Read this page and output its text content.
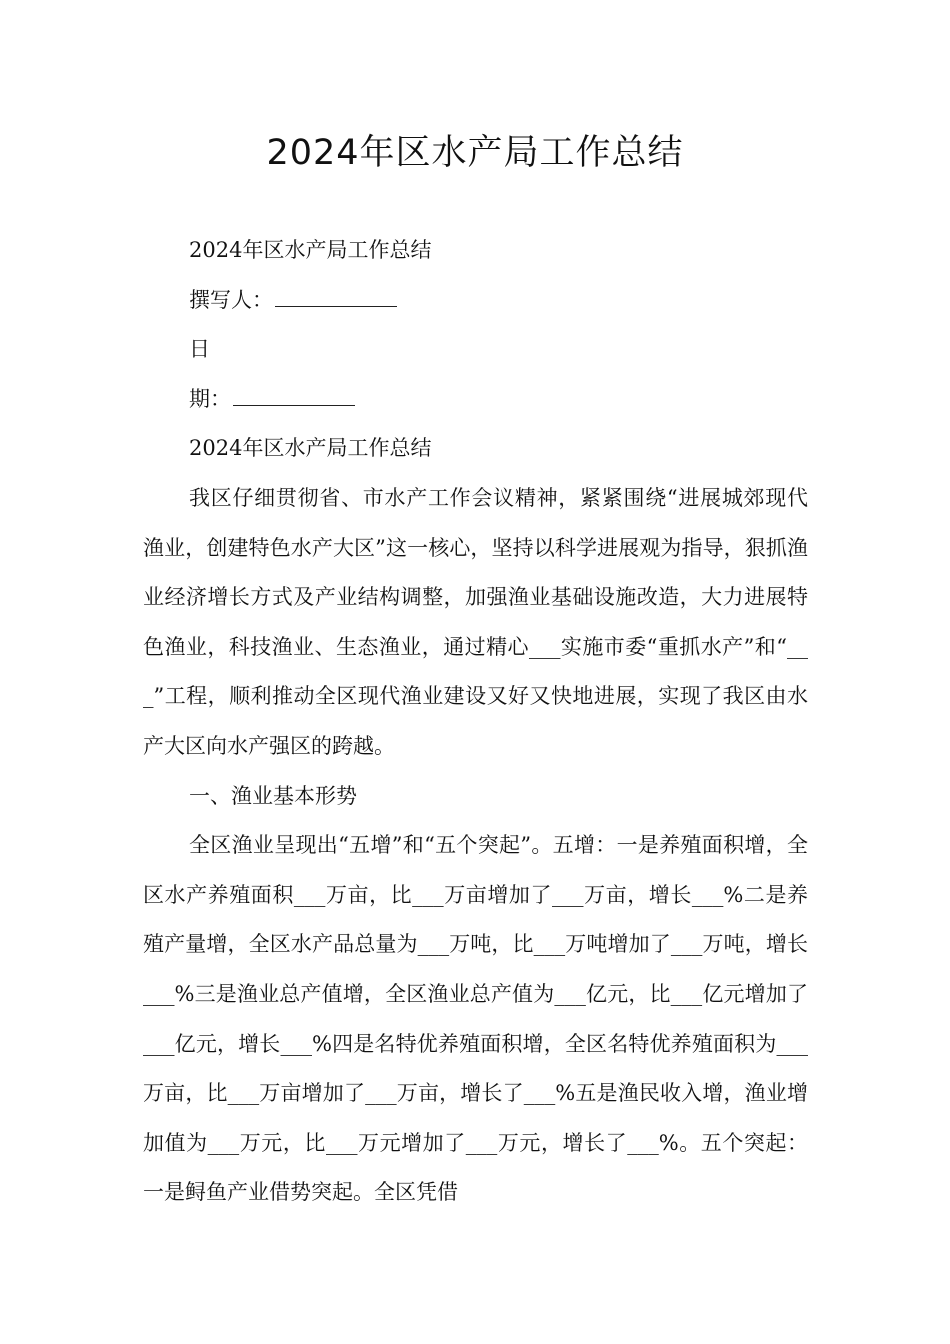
2024年区水产局工作总结
2024年区水产局工作总结
撰写人：
日
期：
2024年区水产局工作总结

我区仔细贯彻省、市水产工作会议精神，紧紧围绕“进展城郊现代渔业，创建特色水产大区”这一核心，坚持以科学进展观为指导，狠抓渔业经济增长方式及产业结构调整，加强渔业基础设施改造，大力进展特色渔业，科技渔业、生态渔业，通过精心___实施市委“重抓水产”和“___”工程，顺利推动全区现代渔业建设又好又快地进展，实现了我区由水产大区向水产强区的跨越。

一、渔业基本形势

全区渔业呈现出“五增”和“五个突起”。五增：一是养殖面积增，全区水产养殖面积___万亩，比___万亩增加了___万亩，增长___%二是养殖产量增，全区水产品总量为___万吨，比___万吨增加了___万吨，增长___%三是渔业总产值增，全区渔业总产值为___亿元，比___亿元增加了___亿元，增长___%四是名特优养殖面积增，全区名特优养殖面积为___万亩，比___万亩增加了___万亩，增长了___%五是渔民收入增，渔业增加值为___万元，比___万元增加了___万元，增长了___%。五个突起：一是鲟鱼产业借势突起。全区凭借
